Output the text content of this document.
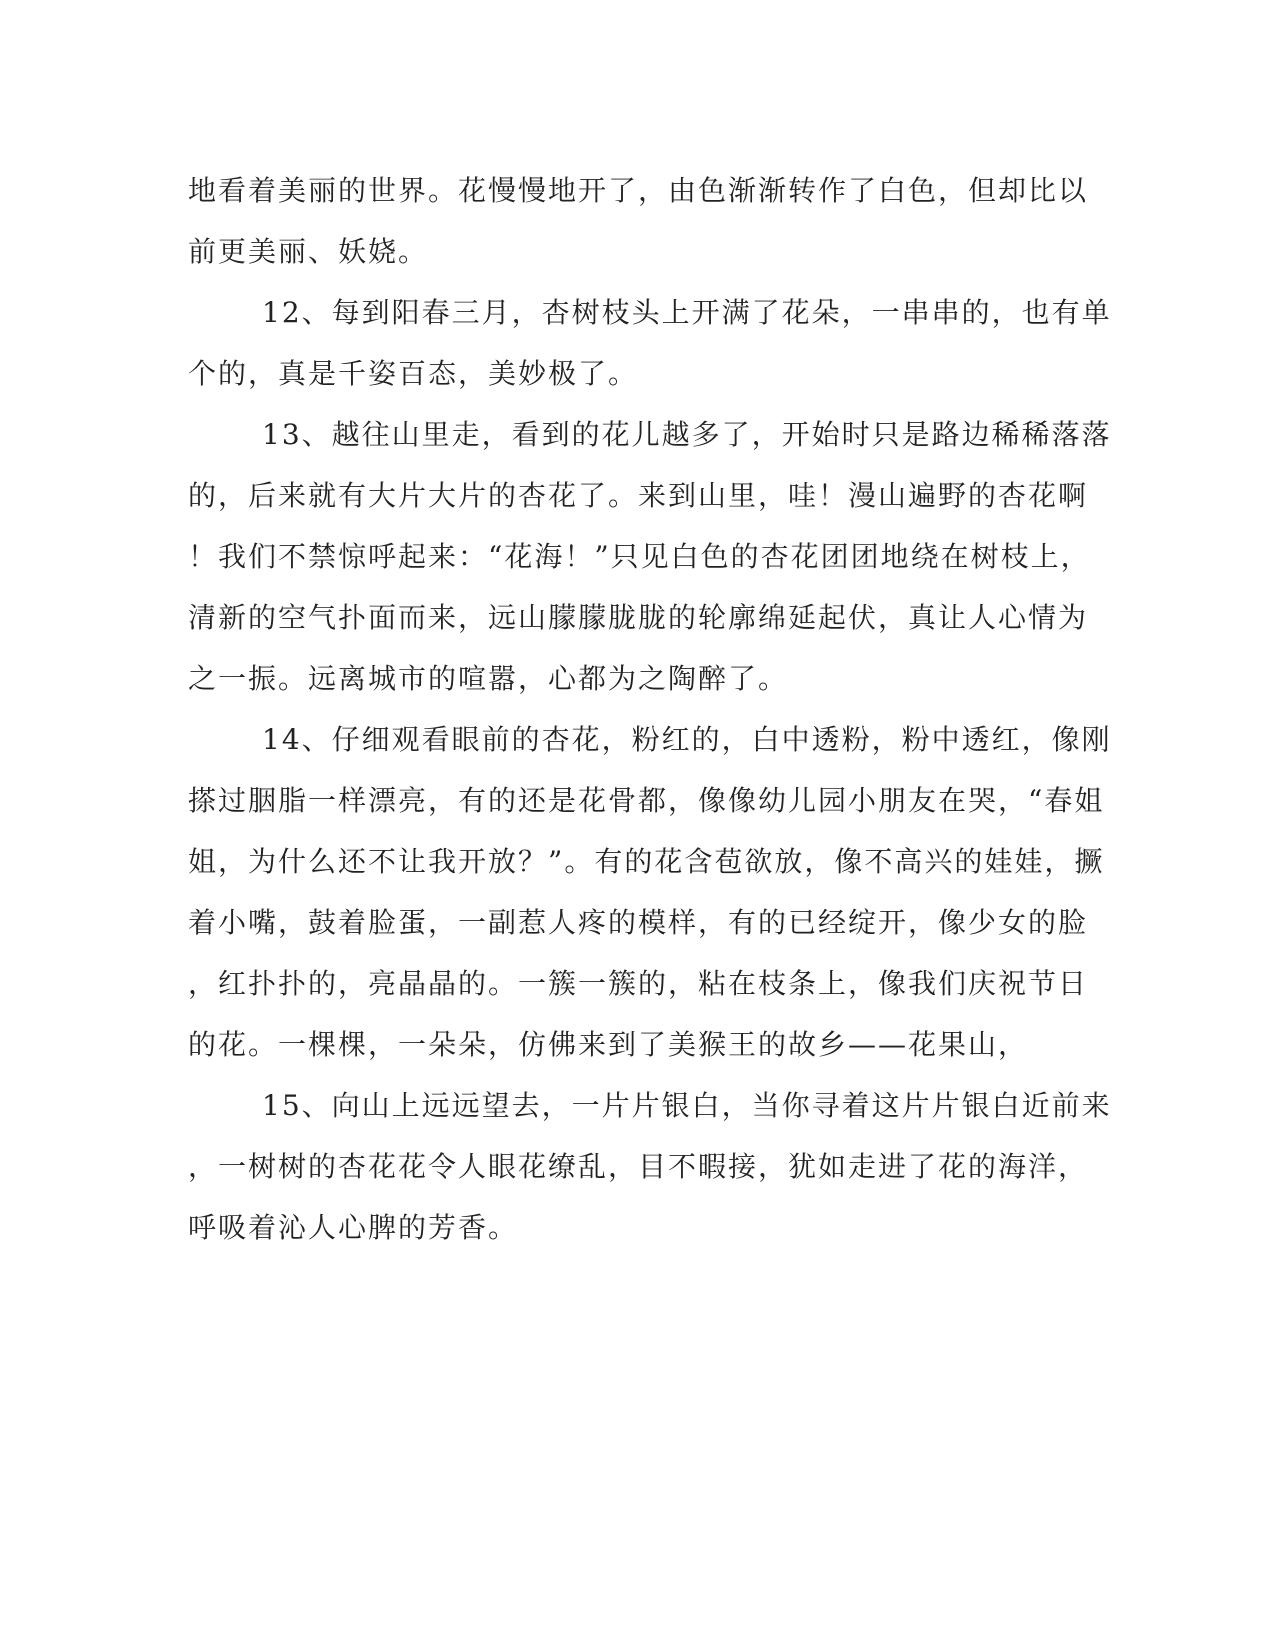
地看着美丽的世界。花慢慢地开了，由色渐渐转作了白色，但却比以
前更美丽、妖娆。
12、每到阳春三月，杏树枝头上开满了花朵，一串串的，也有单
个的，真是千姿百态，美妙极了。
13、越往山里走，看到的花儿越多了，开始时只是路边稀稀落落
的，后来就有大片大片的杏花了。来到山里，哇！漫山遍野的杏花啊
！我们不禁惊呼起来：“花海！”只见白色的杏花团团地绕在树枝上，
清新的空气扑面而来，远山朦朦胧胧的轮廓绵延起伏，真让人心情为
之一振。远离城市的喧嚣，心都为之陶醉了。
14、仔细观看眼前的杏花，粉红的，白中透粉，粉中透红，像刚
搽过胭脂一样漂亮，有的还是花骨都，像像幼儿园小朋友在哭，“春姐
姐，为什么还不让我开放？”。有的花含苞欲放，像不高兴的娃娃，撅
着小嘴，鼓着脸蛋，一副惹人疼的模样，有的已经绽开，像少女的脸
，红扑扑的，亮晶晶的。一簇一簇的，粘在枝条上，像我们庆祝节日
的花。一棵棵，一朵朵，仿佛来到了美猴王的故乡——花果山，
15、向山上远远望去，一片片银白，当你寻着这片片银白近前来
，一树树的杏花花令人眼花缭乱，目不暇接，犹如走进了花的海洋，
呼吸着沁人心脾的芳香。
